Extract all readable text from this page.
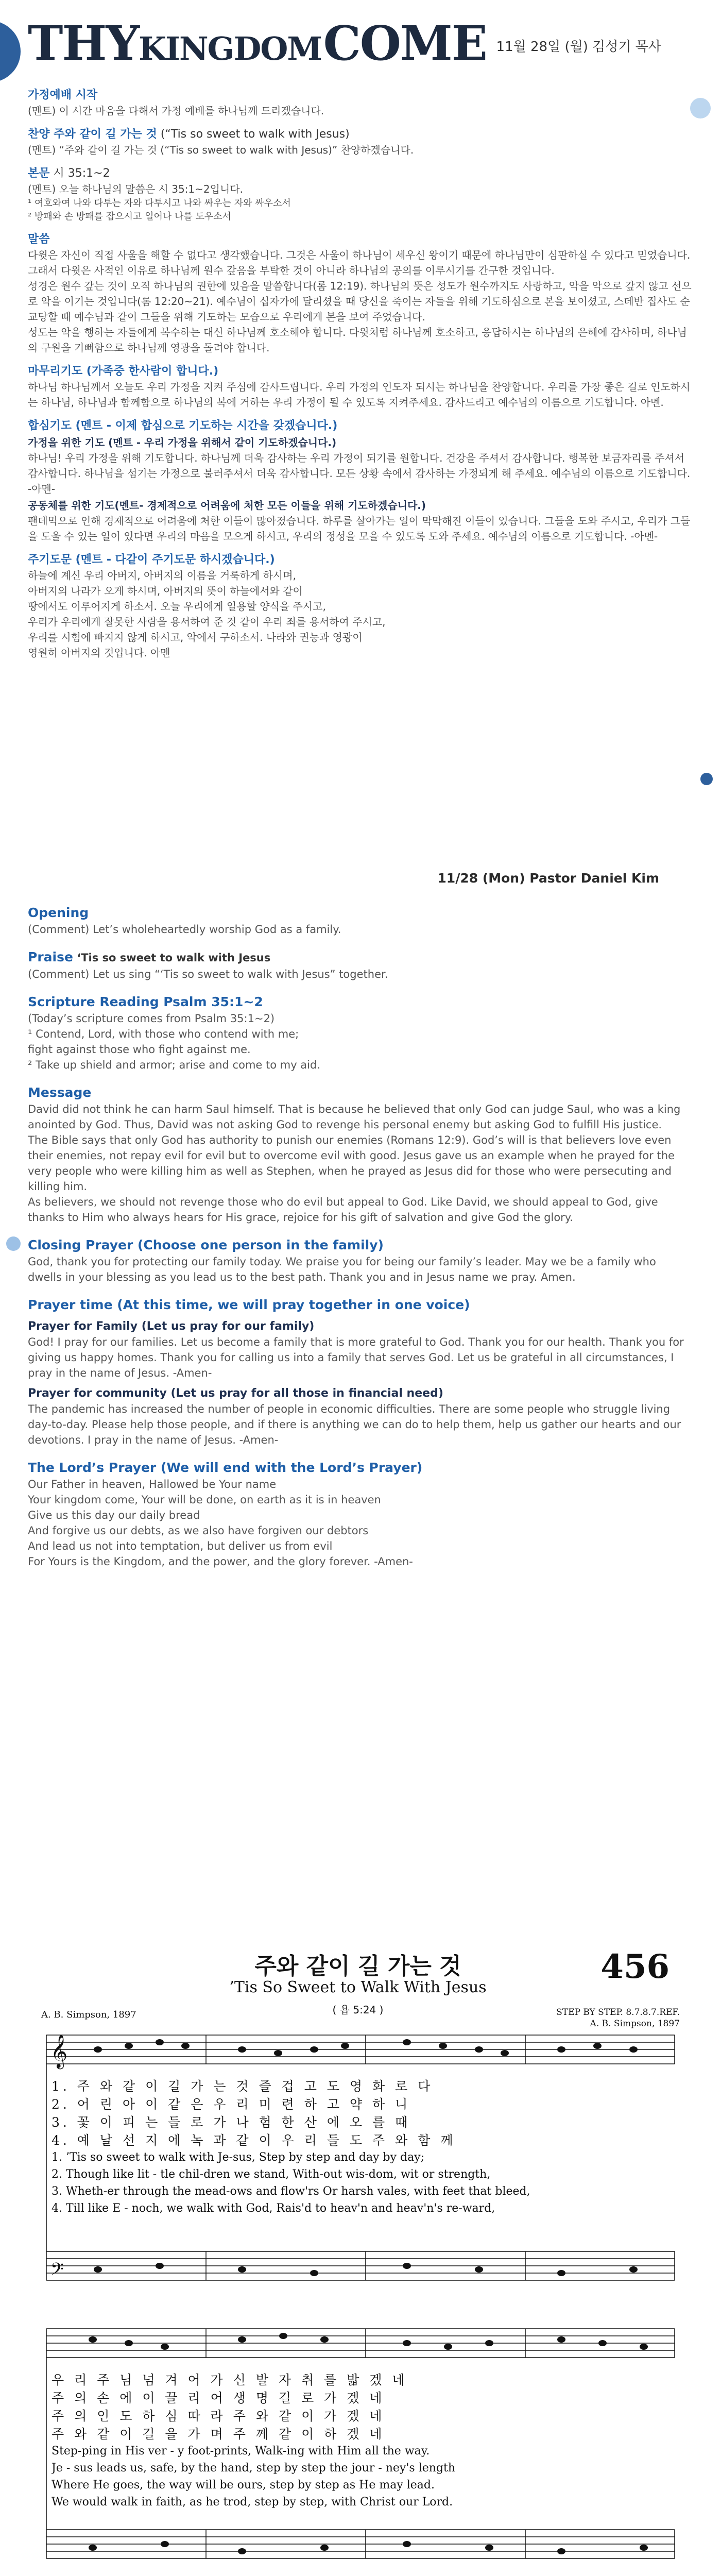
THYKINGDOM COME 11월 28일 (월) 김성기 목사
가정예배 시작

(멘트) 이 시간 마음을 다해서 가정 예배를 하나님께 드리겠습니다.

찬양 주와 같이 길 가는 것 (“Tis so sweet to walk with Jesus)

(멘트) “주와 같이 길 가는 것 (“Tis so sweet to walk with Jesus)” 찬양하겠습니다.

본문 시 35:1~2

(멘트) 오늘 하나님의 말씀은 시 35:1~2입니다.

¹ 여호와여 나와 다투는 자와 다투시고 나와 싸우는 자와 싸우소서

² 방패와 손 방패를 잡으시고 일어나 나를 도우소서

말씀

다윗은 자신이 직접 사울을 해할 수 없다고 생각했습니다. 그것은 사울이 하나님이 세우신 왕이기 때문에 하나님만이 심판하실 수 있다고 믿었습니다. 그래서 다윗은 사적인 이유로 하나님께 원수 갚음을 부탁한 것이 아니라 하나님의 공의를 이루시기를 간구한 것입니다.

성경은 원수 갚는 것이 오직 하나님의 권한에 있음을 말씀합니다(롬 12:19). 하나님의 뜻은 성도가 원수까지도 사랑하고, 악을 악으로 갚지 않고 선으로 악을 이기는 것입니다(롬 12:20~21). 예수님이 십자가에 달리셨을 때 당신을 죽이는 자들을 위해 기도하심으로 본을 보이셨고, 스데반 집사도 순교당할 때 예수님과 같이 그들을 위해 기도하는 모습으로 우리에게 본을 보여 주었습니다.

성도는 악을 행하는 자들에게 복수하는 대신 하나님께 호소해야 합니다. 다윗처럼 하나님께 호소하고, 응답하시는 하나님의 은혜에 감사하며, 하나님의 구원을 기뻐함으로 하나님께 영광을 돌려야 합니다.

마무리기도 (가족중 한사람이 합니다.)

하나님 하나님께서 오늘도 우리 가정을 지켜 주심에 감사드립니다. 우리 가정의 인도자 되시는 하나님을 찬양합니다. 우리를 가장 좋은 길로 인도하시는 하나님, 하나님과 함께함으로 하나님의 복에 거하는 우리 가정이 될 수 있도록 지켜주세요. 감사드리고 예수님의 이름으로 기도합니다. 아멘.

합심기도 (멘트 - 이제 합심으로 기도하는 시간을 갖겠습니다.)
가정을 위한 기도 (멘트 - 우리 가정을 위해서 같이 기도하겠습니다.)

하나님! 우리 가정을 위해 기도합니다. 하나님께 더욱 감사하는 우리 가정이 되기를 원합니다. 건강을 주셔서 감사합니다. 행복한 보금자리를 주셔서 감사합니다. 하나님을 섬기는 가정으로 불러주셔서 더욱 감사합니다. 모든 상황 속에서 감사하는 가정되게 해 주세요. 예수님의 이름으로 기도합니다. -아멘-

공동체를 위한 기도(멘트- 경제적으로 어려움에 처한 모든 이들을 위해 기도하겠습니다.)

팬데믹으로 인해 경제적으로 어려움에 처한 이들이 많아졌습니다. 하루를 살아가는 일이 막막해진 이들이 있습니다. 그들을 도와 주시고, 우리가 그들을 도울 수 있는 일이 있다면 우리의 마음을 모으게 하시고, 우리의 정성을 모을 수 있도록 도와 주세요. 예수님의 이름으로 기도합니다. -아멘-

주기도문 (멘트 - 다같이 주기도문 하시겠습니다.)

하늘에 계신 우리 아버지, 아버지의 이름을 거룩하게 하시며,

아버지의 나라가 오게 하시며, 아버지의 뜻이 하늘에서와 같이

땅에서도 이루어지게 하소서. 오늘 우리에게 일용할 양식을 주시고,

우리가 우리에게 잘못한 사람을 용서하여 준 것 같이 우리 죄를 용서하여 주시고,

우리를 시험에 빠지지 않게 하시고, 악에서 구하소서. 나라와 권능과 영광이

영원히 아버지의 것입니다. 아멘

11/28 (Mon) Pastor Daniel Kim
Opening

(Comment) Let’s wholeheartedly worship God as a family.

Praise ‘Tis so sweet to walk with Jesus

(Comment) Let us sing “‘Tis so sweet to walk with Jesus” together.

Scripture Reading Psalm 35:1~2

(Today’s scripture comes from Psalm 35:1~2)

¹ Contend, Lord, with those who contend with me;

fight against those who fight against me.

² Take up shield and armor; arise and come to my aid.

Message

David did not think he can harm Saul himself. That is because he believed that only God can judge Saul, who was a king anointed by God. Thus, David was not asking God to revenge his personal enemy but asking God to fulfill His justice.

The Bible says that only God has authority to punish our enemies (Romans 12:9). God’s will is that believers love even their enemies, not repay evil for evil but to overcome evil with good. Jesus gave us an example when he prayed for the very people who were killing him as well as Stephen, when he prayed as Jesus did for those who were persecuting and killing him.

As believers, we should not revenge those who do evil but appeal to God. Like David, we should appeal to God, give thanks to Him who always hears for His grace, rejoice for his gift of salvation and give God the glory.

Closing Prayer (Choose one person in the family)

God, thank you for protecting our family today. We praise you for being our family’s leader. May we be a family who dwells in your blessing as you lead us to the best path. Thank you and in Jesus name we pray. Amen.

Prayer time (At this time, we will pray together in one voice)
Prayer for Family (Let us pray for our family)

God! I pray for our families. Let us become a family that is more grateful to God. Thank you for our health. Thank you for giving us happy homes. Thank you for calling us into a family that serves God. Let us be grateful in all circumstances, I pray in the name of Jesus. -Amen-

Prayer for community (Let us pray for all those in financial need)

The pandemic has increased the number of people in economic difficulties. There are some people who struggle living day-to-day. Please help those people, and if there is anything we can do to help them, help us gather our hearts and our devotions. I pray in the name of Jesus. -Amen-

The Lord’s Prayer (We will end with the Lord’s Prayer)

Our Father in heaven, Hallowed be Your name

Your kingdom come, Your will be done, on earth as it is in heaven

Give us this day our daily bread

And forgive us our debts, as we also have forgiven our debtors

And lead us not into temptation, but deliver us from evil

For Yours is the Kingdom, and the power, and the glory forever. -Amen-

주와 같이 길 가는 것
’Tis So Sweet to Walk With Jesus
456
( 욥 5:24 )
A. B. Simpson, 1897	STEP BY STEP. 8.7.8.7.REF.
A. B. Simpson, 1897
𝄞
𝄢
1. 주 와 같 이 길 가 는 것 즐 겁 고 도 영 화 로 다
2. 어 린 아 이 같 은 우 리 미 련 하 고 약 하 니
3. 꽃 이 피 는 들 로 가 나 험 한 산 에 오 를 때
4. 예 날 선 지 에 녹 과 같 이 우 리 들 도 주 와 함 께
1. ’Tis so sweet to walk with Je-sus, Step by step and day by day;
2. Though like lit - tle chil-dren we stand, With-out wis-dom, wit or strength,
3. Wheth-er through the mead-ows and flow'rs Or harsh vales, with feet that bleed,
4. Till like E - noch, we walk with God, Rais'd to heav'n and heav'n's re-ward,
우 리 주 님 넘 겨 어 가 신 발 자 취 를 밟 겠 네
주 의 손 에 이 끌 리 어 생 명 길 로 가 겠 네
주 의 인 도 하 심 따 라 주 와 같 이 가 겠 네
주 와 같 이 길 을 가 며 주 께 같 이 하 겠 네
Step-ping in His ver - y foot-prints, Walk-ing with Him all the way.
Je - sus leads us, safe, by the hand, step by step the jour - ney's length
Where He goes, the way will be ours, step by step as He may lead.
We would walk in faith, as he trod, step by step, with Christ our Lord.
